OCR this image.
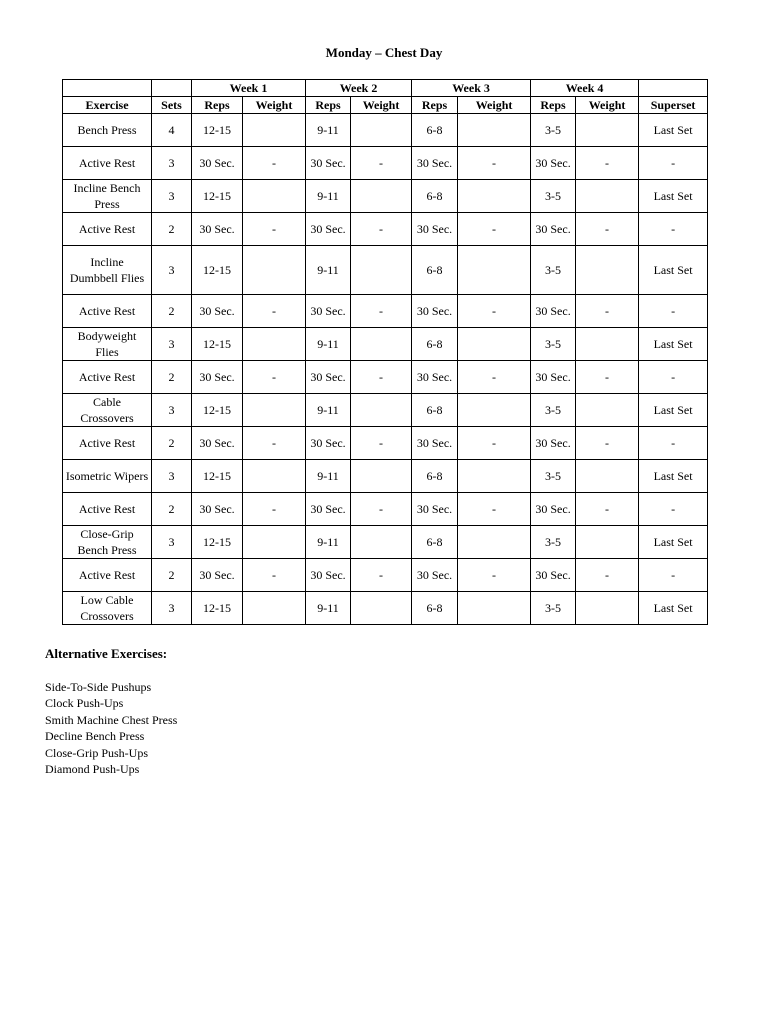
Monday – Chest Day
		Week 1		Week 2		Week 3		Week 4		
Exercise	Sets	Reps	Weight	Reps	Weight	Reps	Weight	Reps	Weight	Superset
Bench Press	4	12-15		9-11		6-8		3-5		Last Set
Active Rest	3	30 Sec.	-	30 Sec.	-	30 Sec.	-	30 Sec.	-	-
Incline Bench Press	3	12-15		9-11		6-8		3-5		Last Set
Active Rest	2	30 Sec.	-	30 Sec.	-	30 Sec.	-	30 Sec.	-	-
Incline Dumbbell Flies	3	12-15		9-11		6-8		3-5		Last Set
Active Rest	2	30 Sec.	-	30 Sec.	-	30 Sec.	-	30 Sec.	-	-
Bodyweight Flies	3	12-15		9-11		6-8		3-5		Last Set
Active Rest	2	30 Sec.	-	30 Sec.	-	30 Sec.	-	30 Sec.	-	-
Cable Crossovers	3	12-15		9-11		6-8		3-5		Last Set
Active Rest	2	30 Sec.	-	30 Sec.	-	30 Sec.	-	30 Sec.	-	-
Isometric Wipers	3	12-15		9-11		6-8		3-5		Last Set
Active Rest	2	30 Sec.	-	30 Sec.	-	30 Sec.	-	30 Sec.	-	-
Close-Grip Bench Press	3	12-15		9-11		6-8		3-5		Last Set
Active Rest	2	30 Sec.	-	30 Sec.	-	30 Sec.	-	30 Sec.	-	-
Low Cable Crossovers	3	12-15		9-11		6-8		3-5		Last Set
Alternative Exercises:
Side-To-Side Pushups
Clock Push-Ups
Smith Machine Chest Press
Decline Bench Press
Close-Grip Push-Ups
Diamond Push-Ups
